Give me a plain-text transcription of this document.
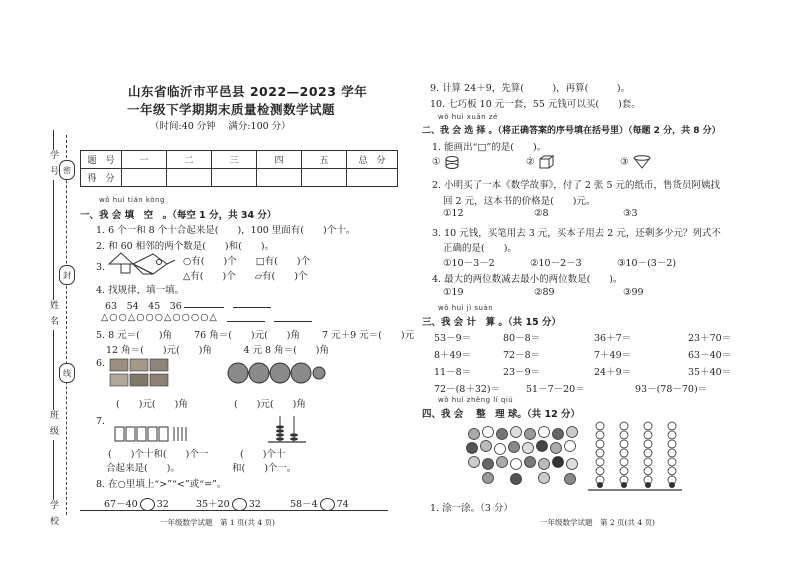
学 号
姓 名
班 级
学 校
密
封
线
山东省临沂市平邑县 2022—2023 学年
一年级下学期期末质量检测数学试题
（时间:40 分钟　 满分:100 分）
题　号	一	二	三	四	五	总　分
得　分						
wǒ huì tián kòng
一、我 会 填　空　。（每空 1 分，共 34 分）
1. 6 个一和 8 个十合起来是(　　)，100 里面有(　　)个十。
2. 和 60 相邻的两个数是(　　)和(　　)。
3.
○有(　　)个　　□有(　　)个
△有(　　)个　　▱有(　　)个
4. 找规律，填一填。
63　54　45　36
△○○△○○○△○○○○△
5. 8 元＝(　　)角　　 76 角＝(　　)元(　　)角　　 7 元＋9 元＝(　　)元
12 角＝(　　)元(　　)角　　　 4 元 8 角＝(　　)角
6.
(　　)元(　　)角	(　　)元(　　)角
7.
(　　)个十和(　　)个一	(　　)个十
合起来是(　　)。	和(　　)个一。
8. 在○里填上“>”“<”或“=”。
67－40 32	35＋20 32	58－4 74
一年级数学试题　第 1 页(共 4 页)
9. 计算 24＋9，先算(　　　)，再算(　　　)。
10. 七巧板 10 元一套，55 元钱可以买(　　)套。
wǒ huì xuǎn zé
二、我 会 选 择 。（将正确答案的序号填在括号里）（每题 2 分，共 8 分）
1. 能画出“□”的是(　　)。
①	②	③
2. 小明买了一本《数学故事》，付了 2 张 5 元的纸币，售货员阿姨找
回 2 元，这本书的价格是(　　)元。
①12	②8	③3
3. 10 元钱，买笔用去 3 元，买本子用去 2 元，还剩多少元？列式不
正确的是(　　)。
①10－3－2	②10－2－3	③10－(3－2)
4. 最大的两位数减去最小的两位数是(　　)。
①19	②89	③99
wǒ huì jì suàn
三、我 会 计　算 。（共 15 分）
53－9＝	80－8＝	36＋7＝	23＋70＝
8＋49＝	72－8＝	7＋49＝	63－40＝
11－8＝	23－9＝	24＋9＝	35＋40＝
72－(8＋32)＝	51－7－20＝	93－(78－70)＝
wǒ huì zhěng lǐ qiú
四、我 会　 整　理 球。（共 12 分）
1. 涂一涂。（3 分）
一年级数学试题　第 2 页(共 4 页)
